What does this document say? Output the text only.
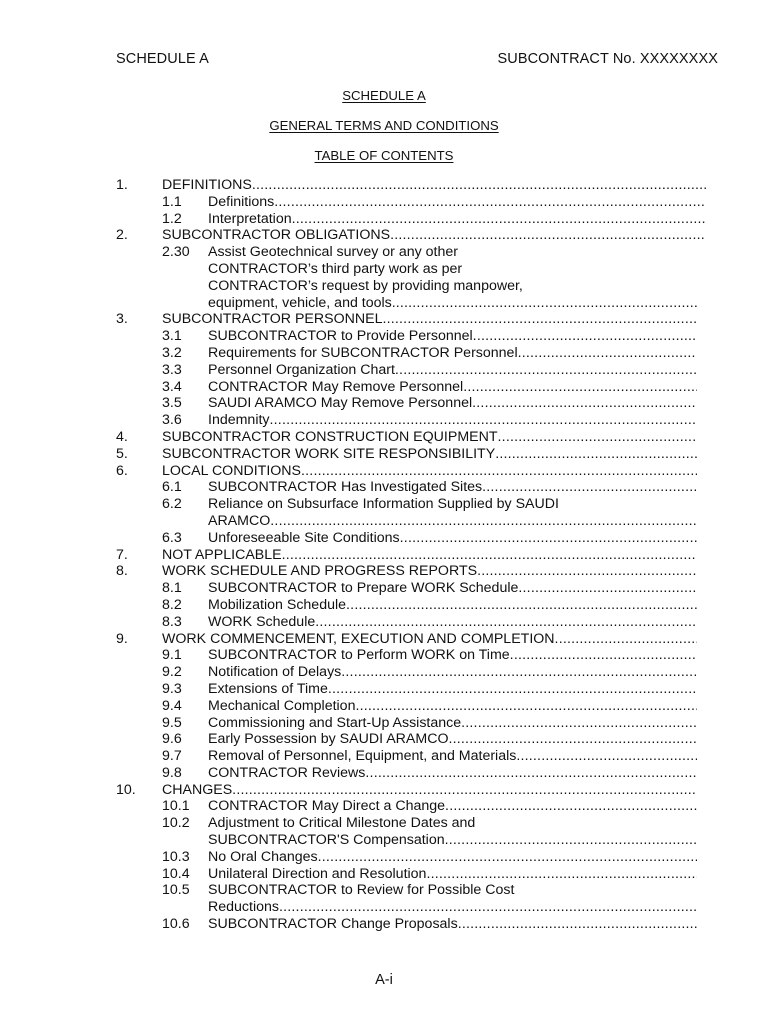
SCHEDULE A	SUBCONTRACT No. XXXXXXXX
SCHEDULE A
GENERAL TERMS AND CONDITIONS
TABLE OF CONTENTS
1. DEFINITIONS
.....
1.1 Definitions
.....
1.2 Interpretation
.....
2. SUBCONTRACTOR OBLIGATIONS
.....
2.30 Assist Geotechnical survey or any other
CONTRACTOR’s third party work as per
CONTRACTOR’s request by providing manpower,
equipment, vehicle, and tools.
.....
3. SUBCONTRACTOR PERSONNEL
.....
3.1 SUBCONTRACTOR to Provide Personnel
.....
3.2 Requirements for SUBCONTRACTOR Personnel
.....
3.3 Personnel Organization Chart
.....
3.4 CONTRACTOR May Remove Personnel
.....
3.5 SAUDI ARAMCO May Remove Personnel
.....
3.6 Indemnity
.....
4. SUBCONTRACTOR CONSTRUCTION EQUIPMENT
.....
5. SUBCONTRACTOR WORK SITE RESPONSIBILITY
.....
6. LOCAL CONDITIONS
.....
6.1 SUBCONTRACTOR Has Investigated Sites
.....
6.2 Reliance on Subsurface Information Supplied by SAUDI
ARAMCO
.....
6.3 Unforeseeable Site Conditions
.....
7. NOT APPLICABLE
.....
8. WORK SCHEDULE AND PROGRESS REPORTS
.....
8.1 SUBCONTRACTOR to Prepare WORK Schedule
.....
8.2 Mobilization Schedule
.....
8.3 WORK Schedule
.....
9. WORK COMMENCEMENT, EXECUTION AND COMPLETION
.....
9.1 SUBCONTRACTOR to Perform WORK on Time
.....
9.2 Notification of Delays
.....
9.3 Extensions of Time
.....
9.4 Mechanical Completion
.....
9.5 Commissioning and Start-Up Assistance
.....
9.6 Early Possession by SAUDI ARAMCO
.....
9.7 Removal of Personnel, Equipment, and Materials
.....
9.8 CONTRACTOR Reviews
.....
10. CHANGES
.....
10.1 CONTRACTOR May Direct a Change
.....
10.2 Adjustment to Critical Milestone Dates and
SUBCONTRACTOR'S Compensation
.....
10.3 No Oral Changes
.....
10.4 Unilateral Direction and Resolution
.....
10.5 SUBCONTRACTOR to Review for Possible Cost
Reductions
.....
10.6 SUBCONTRACTOR Change Proposals
.....
A-i
